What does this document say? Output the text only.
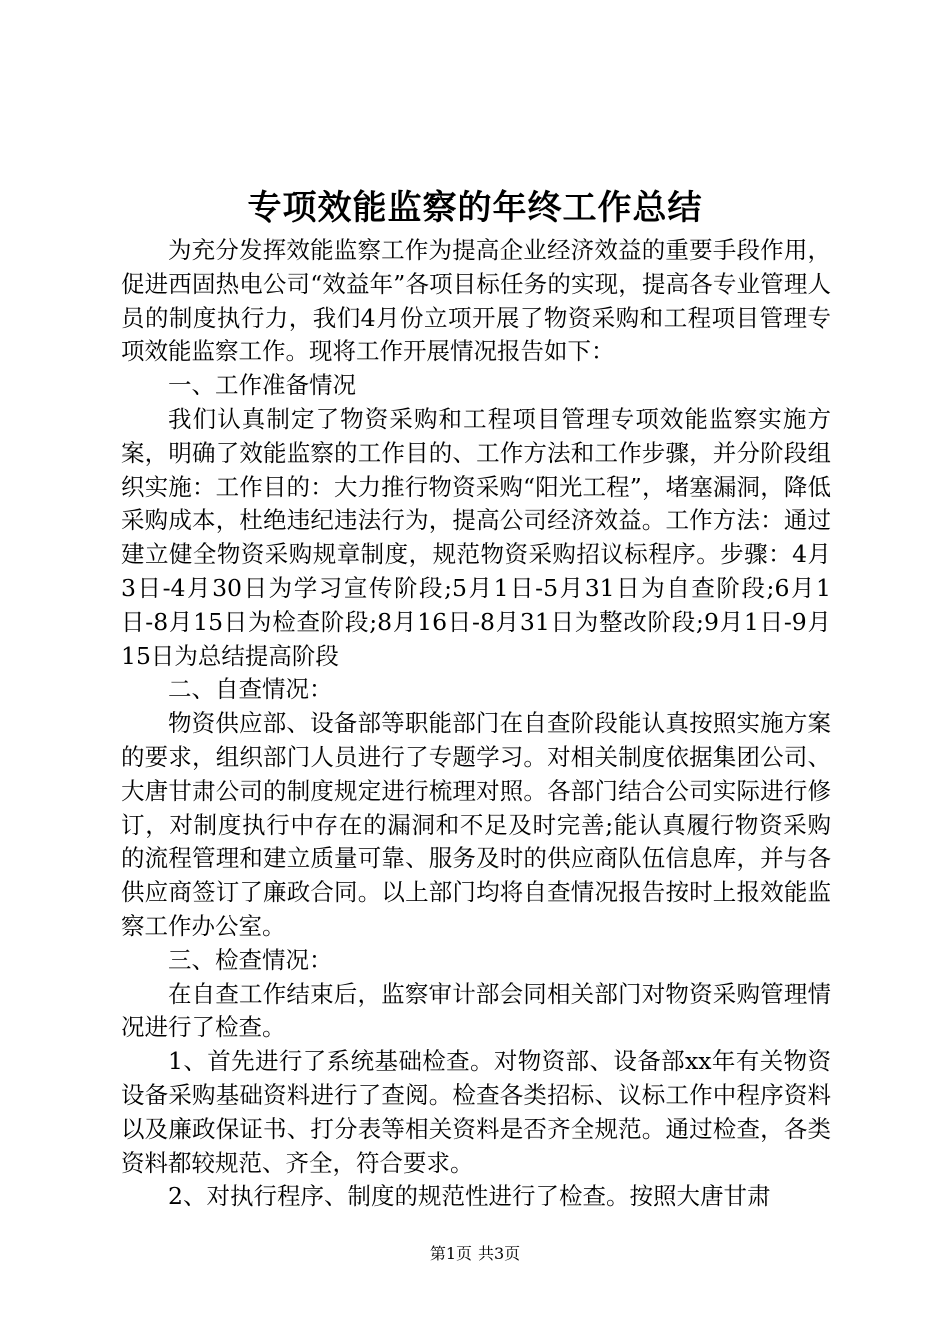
专项效能监察的年终工作总结

为充分发挥效能监察工作为提高企业经济效益的重要手段作用，促进西固热电公司“效益年”各项目标任务的实现，提高各专业管理人员的制度执行力，我们4月份立项开展了物资采购和工程项目管理专项效能监察工作。现将工作开展情况报告如下：

一、工作准备情况

我们认真制定了物资采购和工程项目管理专项效能监察实施方案，明确了效能监察的工作目的、工作方法和工作步骤，并分阶段组织实施：工作目的：大力推行物资采购“阳光工程”，堵塞漏洞，降低采购成本，杜绝违纪违法行为，提高公司经济效益。工作方法：通过建立健全物资采购规章制度，规范物资采购招议标程序。步骤：4月3日-4月30日为学习宣传阶段;5月1日-5月31日为自查阶段;6月1日-8月15日为检查阶段;8月16日-8月31日为整改阶段;9月1日-9月15日为总结提高阶段

二、自查情况：

物资供应部、设备部等职能部门在自查阶段能认真按照实施方案的要求，组织部门人员进行了专题学习。对相关制度依据集团公司、大唐甘肃公司的制度规定进行梳理对照。各部门结合公司实际进行修订，对制度执行中存在的漏洞和不足及时完善;能认真履行物资采购的流程管理和建立质量可靠、服务及时的供应商队伍信息库，并与各供应商签订了廉政合同。以上部门均将自查情况报告按时上报效能监察工作办公室。

三、检查情况：

在自查工作结束后，监察审计部会同相关部门对物资采购管理情况进行了检查。

1、首先进行了系统基础检查。对物资部、设备部xx年有关物资设备采购基础资料进行了查阅。检查各类招标、议标工作中程序资料以及廉政保证书、打分表等相关资料是否齐全规范。通过检查，各类资料都较规范、齐全，符合要求。

2、对执行程序、制度的规范性进行了检查。按照大唐甘肃

第1页 共3页
